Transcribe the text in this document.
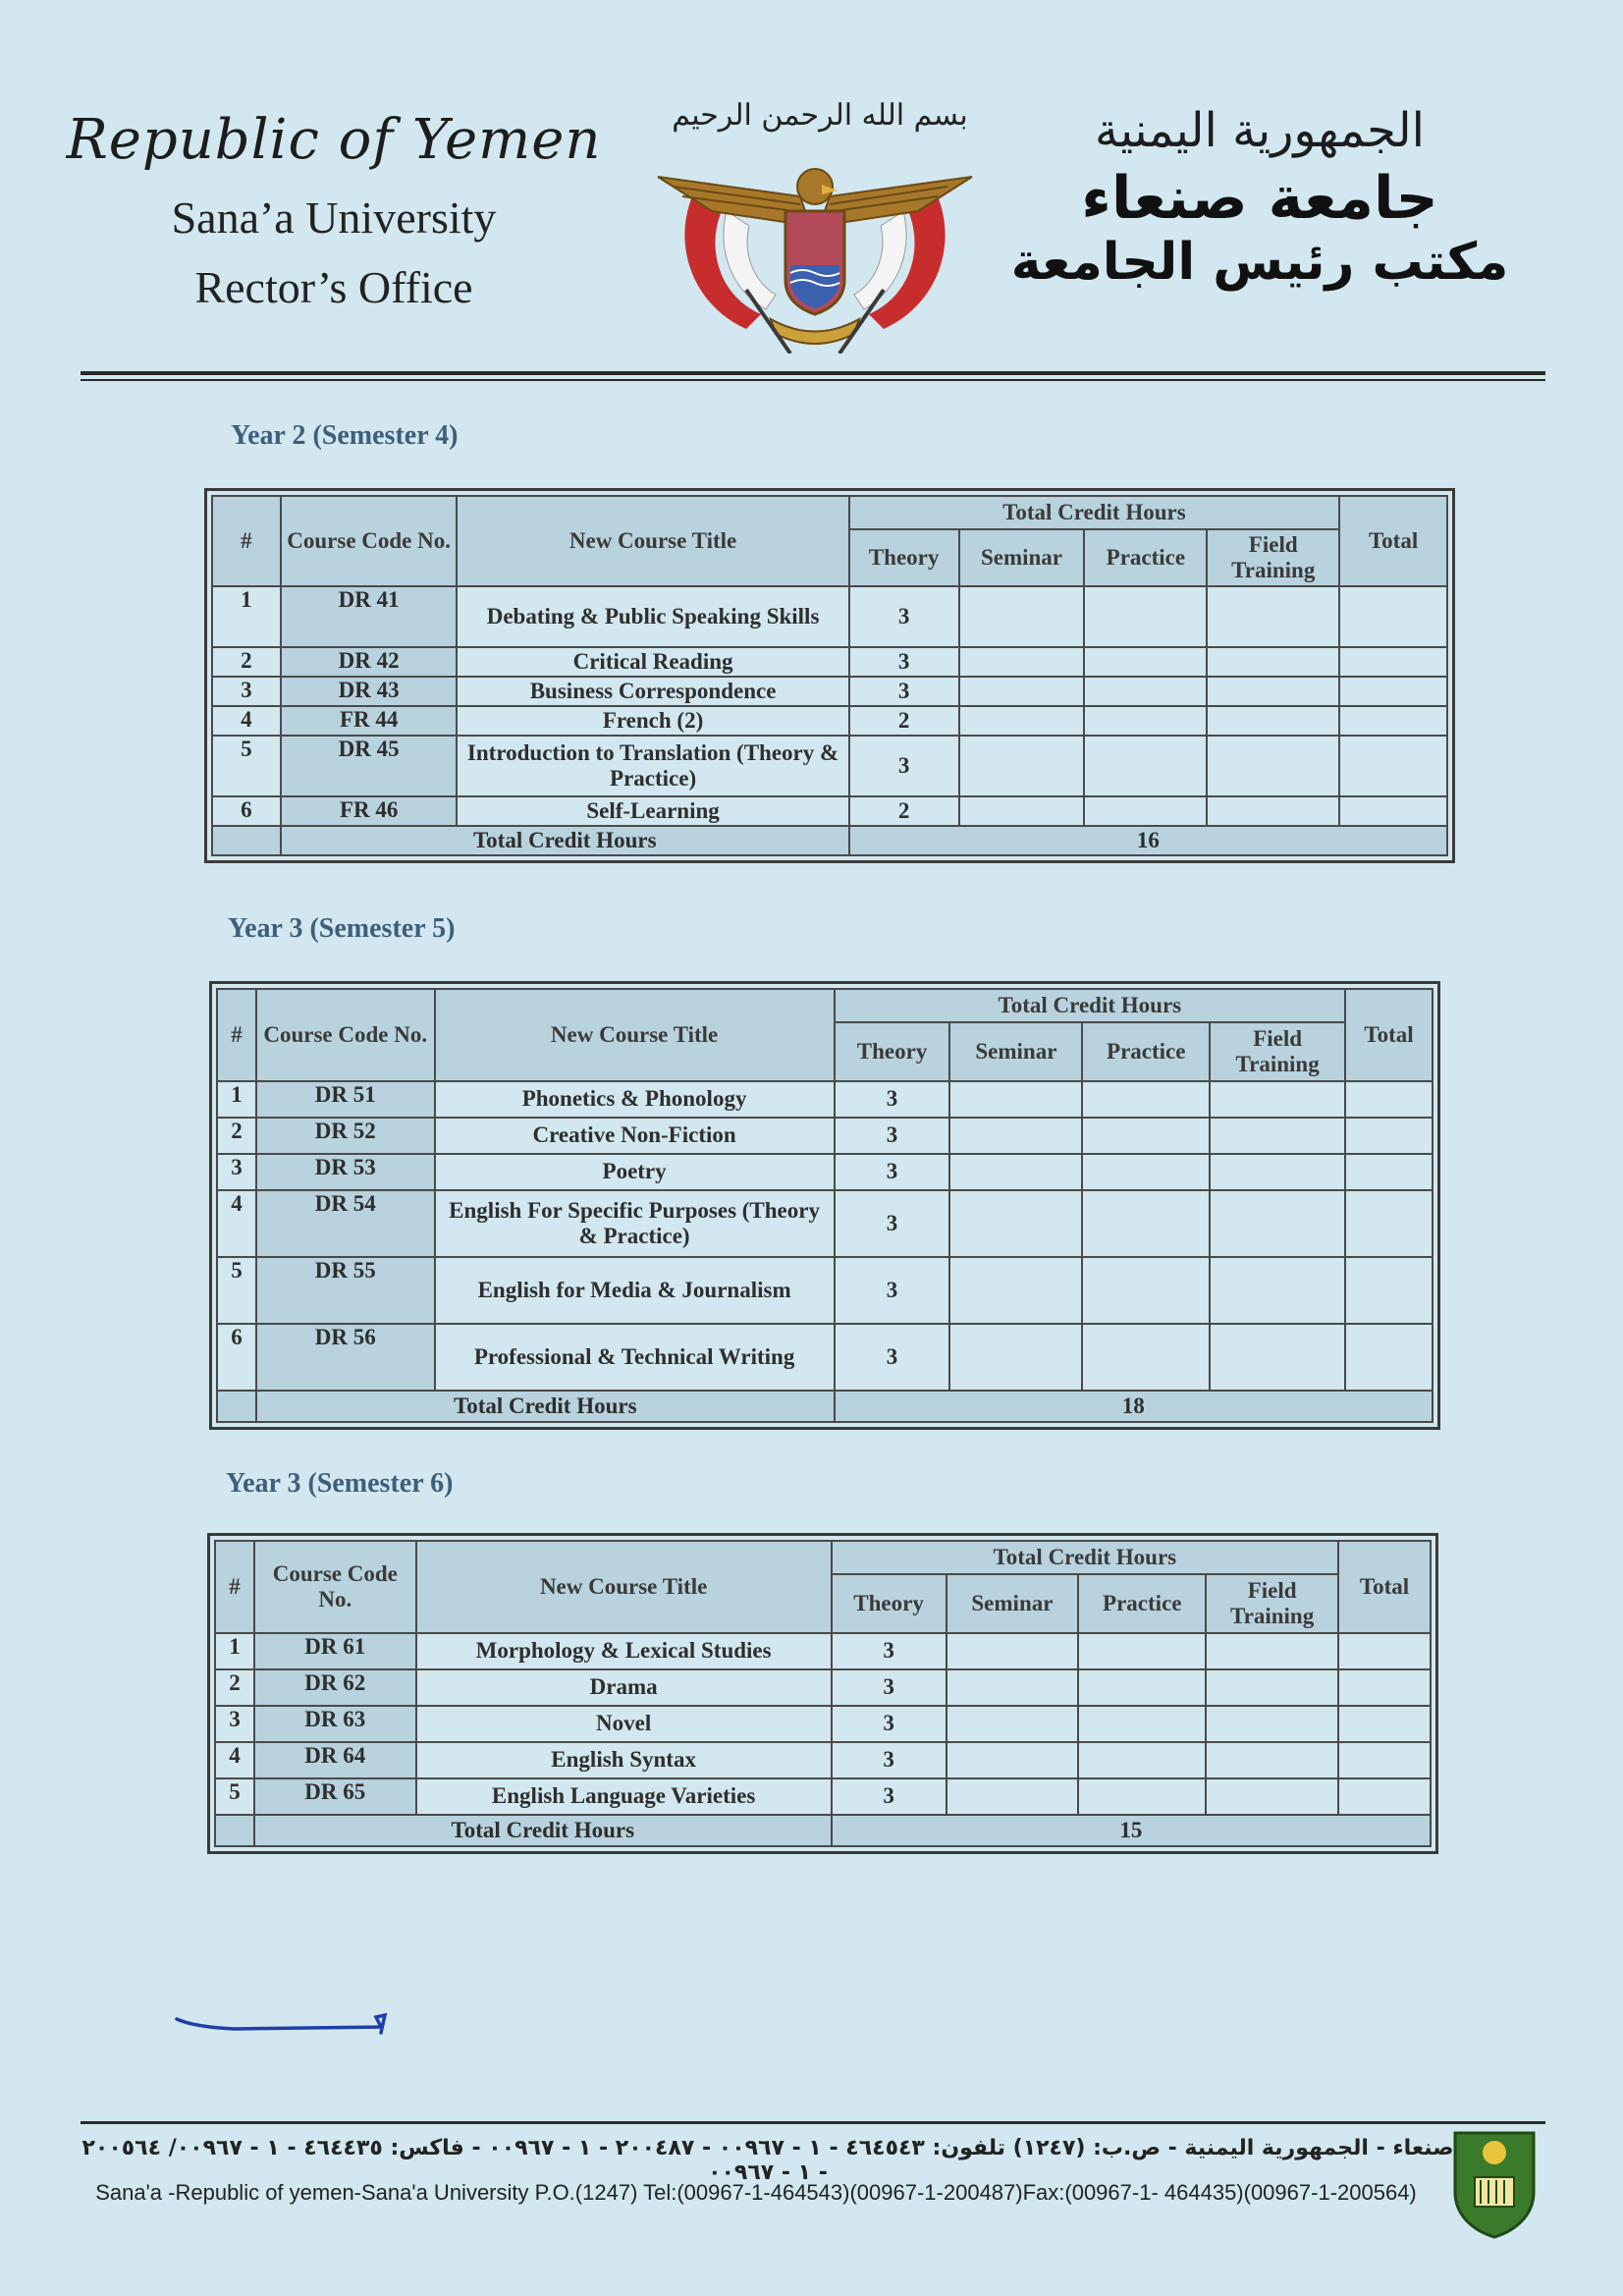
Republic of Yemen
Sana’a University
Rector’s Office
بسم الله الرحمن الرحيم	الجمهورية اليمنية
جامعة صنعاء
مكتب رئيس الجامعة
Year 2 (Semester 4)
#	Course Code No.	New Course Title	Total Credit Hours				Total
			Theory	Seminar	Practice	Field Training	
1	DR 41	Debating & Public Speaking Skills	3				
2	DR 42	Critical Reading	3				
3	DR 43	Business Correspondence	3				
4	FR 44	French (2)	2				
5	DR 45	Introduction to Translation (Theory & Practice)	3				
6	FR 46	Self-Learning	2				
	Total Credit Hours		16				
Year 3 (Semester 5)
#	Course Code No.	New Course Title	Total Credit Hours				Total
			Theory	Seminar	Practice	Field Training	
1	DR 51	Phonetics & Phonology	3				
2	DR 52	Creative Non-Fiction	3				
3	DR 53	Poetry	3				
4	DR 54	English For Specific Purposes (Theory & Practice)	3				
5	DR 55	English for Media & Journalism	3				
6	DR 56	Professional & Technical Writing	3				
	Total Credit Hours		18				
Year 3 (Semester 6)
#	Course Code No.	New Course Title	Total Credit Hours				Total
			Theory	Seminar	Practice	Field Training	
1	DR 61	Morphology & Lexical Studies	3				
2	DR 62	Drama	3				
3	DR 63	Novel	3				
4	DR 64	English Syntax	3				
5	DR 65	English Language Varieties	3				
	Total Credit Hours		15				
صنعاء - الجمهورية اليمنية - ص.ب: (١٢٤٧) تلفون: ٤٦٤٥٤٣ - ١ - ٠٠٩٦٧ - ٢٠٠٤٨٧ - ١ - ٠٠٩٦٧ - فاكس: ٤٦٤٤٣٥ - ١ - ٠٠٩٦٧/ ٢٠٠٥٦٤ - ١ - ٠٠٩٦٧
Sana'a -Republic of yemen-Sana'a University P.O.(1247) Tel:(00967-1-464543)(00967-1-200487)Fax:(00967-1- 464435)(00967-1-200564)
